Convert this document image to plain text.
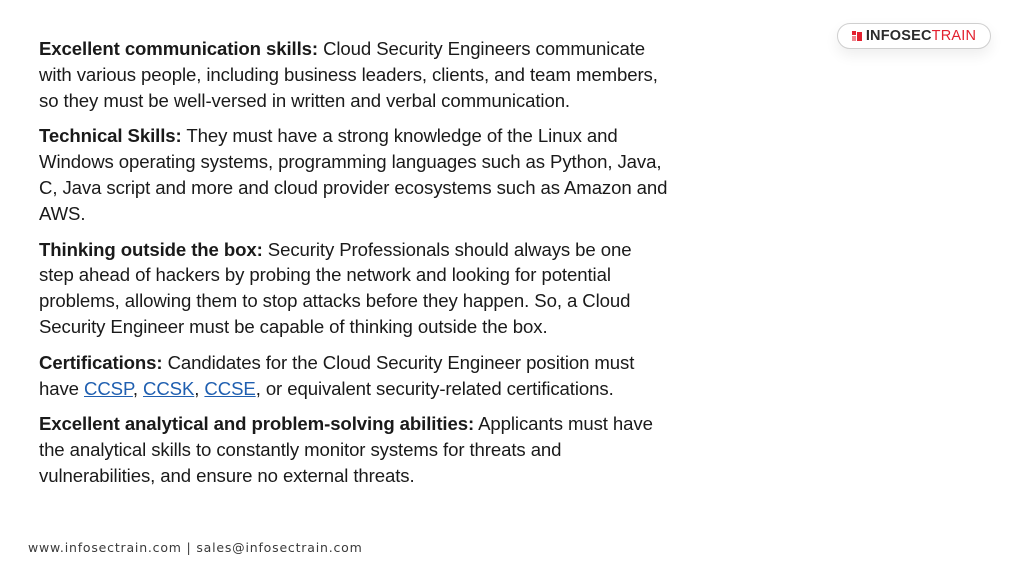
INFOSEC TRAIN

Excellent communication skills: Cloud Security Engineers communicate with various people, including business leaders, clients, and team members, so they must be well-versed in written and verbal communication.

Technical Skills: They must have a strong knowledge of the Linux and Windows operating systems, programming languages such as Python, Java, C, Java script and more and cloud provider ecosystems such as Amazon and AWS.

Thinking outside the box: Security Professionals should always be one step ahead of hackers by probing the network and looking for potential problems, allowing them to stop attacks before they happen. So, a Cloud Security Engineer must be capable of thinking outside the box.

Certifications: Candidates for the Cloud Security Engineer position must have CCSP, CCSK, CCSE, or equivalent security-related certifications.

Excellent analytical and problem-solving abilities: Applicants must have the analytical skills to constantly monitor systems for threats and vulnerabilities, and ensure no external threats.

www.infosectrain.com | sales@infosectrain.com
